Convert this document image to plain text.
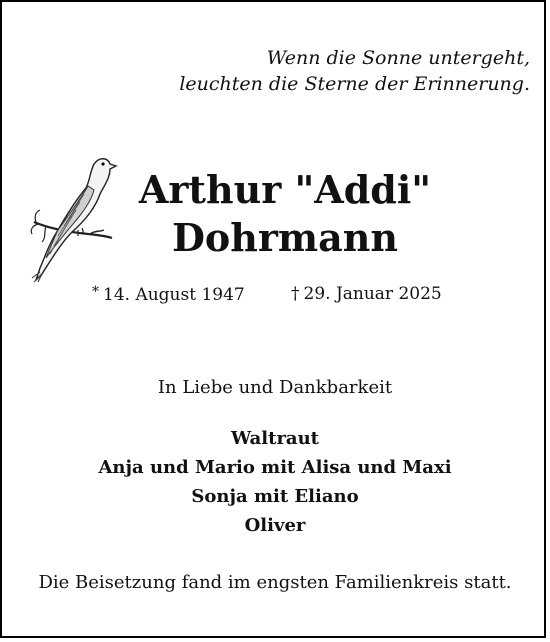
Wenn die Sonne untergeht,
leuchten die Sterne der Erinnerung.
Arthur "Addi"
Dohrmann
* 14. August 1947	† 29. Januar 2025
In Liebe und Dankbarkeit
Waltraut
Anja und Mario mit Alisa und Maxi
Sonja mit Eliano
Oliver
Die Beisetzung fand im engsten Familienkreis statt.
